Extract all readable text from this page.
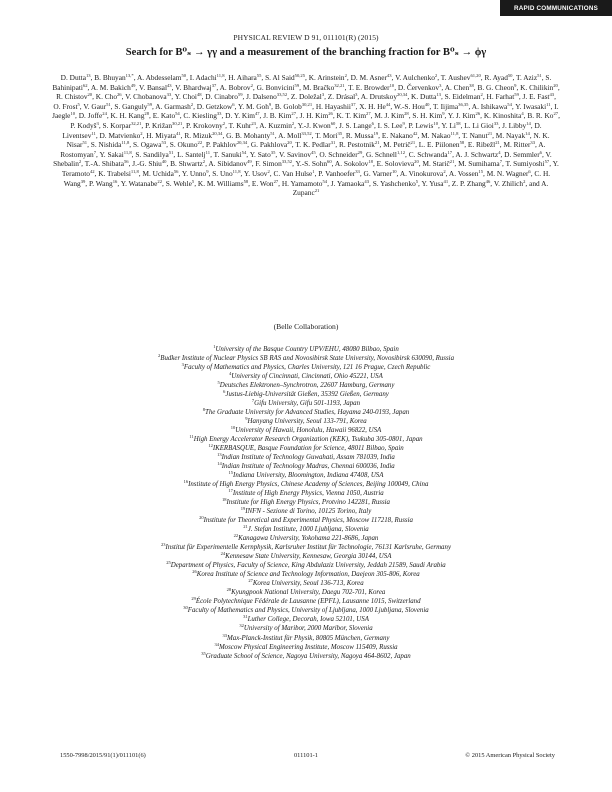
RAPID COMMUNICATIONS
PHYSICAL REVIEW D 91, 011101(R) (2015)
Search for B⁰ₛ → γγ and a measurement of the branching fraction for B⁰ₛ → ϕγ
D. Dutta$^{13}$, B. Bhuyan$^{13,*}$, A. Abdesselam$^{50}$, I. Adachi$^{11,8}$, H. Aihara$^{55}$, S. Al Said$^{50,25}$, K. Arinstein$^2$, D. M. Asner$^{43}$, V. Aulchenko$^2$, T. Aushev$^{61,20}$, R. Ayad$^{50}$, T. Aziz$^{51}$, S. Bahinipati$^{62}$, A. M. Bakich$^{49}$, V. Bansal$^{43}$, V. Bhardwaj$^{37}$, A. Bobrov$^2$, G. Bonvicini$^{59}$, M. Bračko$^{32,21}$, T. E. Browder$^{10}$, D. Červenkov$^3$, A. Chen$^{38}$, B. G. Cheon$^9$, K. Chilikin$^{20}$, R. Chistov$^{20}$, K. Cho$^{26}$, V. Chobanova$^{33}$, Y. Choi$^{48}$, D. Cinabro$^{59}$, J. Dalseno$^{33,52}$, Z. Doležal$^3$, Z. Drásal$^3$, A. Drutskoy$^{20,34}$, K. Dutta$^{13}$, S. Eidelman$^2$, H. Farhat$^{59}$, J. E. Fast$^{43}$, O. Frost$^5$, V. Gaur$^{51}$, S. Ganguly$^{59}$, A. Garmash$^2$, D. Getzkow$^6$, Y. M. Goh$^9$, B. Golob$^{30,21}$, H. Hayashii$^{37}$, X. H. He$^{44}$, W.-S. Hou$^{40}$, T. Iijima$^{36,35}$, A. Ishikawa$^{54}$, Y. Iwasaki$^{11}$, I. Jaegle$^{10}$, D. Joffe$^{24}$, K. H. Kang$^{28}$, E. Kato$^{54}$, C. Kiesling$^{33}$, D. Y. Kim$^{47}$, J. B. Kim$^{27}$, J. H. Kim$^{26}$, K. T. Kim$^{27}$, M. J. Kim$^{28}$, S. H. Kim$^9$, Y. J. Kim$^{26}$, K. Kinoshita$^4$, B. R. Ko$^{27}$, P. Kodyš$^3$, S. Korpar$^{32,21}$, P. Križan$^{30,21}$, P. Krokovny$^2$, T. Kuhr$^{23}$, A. Kuzmin$^2$, Y.-J. Kwon$^{60}$, J. S. Lange$^6$, I. S. Lee$^9$, P. Lewis$^{10}$, Y. Li$^{58}$, L. Li Gioi$^{33}$, J. Libby$^{14}$, D. Liventsev$^{11}$, D. Matvienko$^2$, H. Miyata$^{41}$, R. Mizuk$^{20,34}$, G. B. Mohanty$^{51}$, A. Moll$^{33,52}$, T. Mori$^{35}$, R. Mussa$^{19}$, E. Nakano$^{42}$, M. Nakao$^{11,8}$, T. Nanut$^{21}$, M. Nayak$^{14}$, N. K. Nisar$^{51}$, S. Nishida$^{11,8}$, S. Ogawa$^{53}$, S. Okuno$^{22}$, P. Pakhlov$^{20,34}$, G. Pakhlova$^{20}$, T. K. Pedlar$^{31}$, R. Pestotnik$^{21}$, M. Petrič$^{21}$, L. E. Piilonen$^{58}$, E. Ribežl$^{21}$, M. Ritter$^{33}$, A. Rostomyan$^7$, Y. Sakai$^{11,8}$, S. Sandilya$^{51}$, L. Santelj$^{11}$, T. Sanuki$^{54}$, Y. Sato$^{35}$, V. Savinov$^{45}$, O. Schneider$^{29}$, G. Schnell$^{1,12}$, C. Schwanda$^{17}$, A. J. Schwartz$^4$, D. Semmler$^6$, V. Shebalin$^2$, T.-A. Shibata$^{56}$, J.-G. Shiu$^{40}$, B. Shwartz$^2$, A. Sibidanov$^{49}$, F. Simon$^{33,52}$, Y.-S. Sohn$^{60}$, A. Sokolov$^{18}$, E. Solovieva$^{20}$, M. Starič$^{21}$, M. Sumihama$^7$, T. Sumiyoshi$^{57}$, Y. Teramoto$^{42}$, K. Trabelsi$^{11,8}$, M. Uchida$^{56}$, Y. Unno$^9$, S. Uno$^{11,8}$, Y. Usov$^2$, C. Van Hulse$^1$, P. Vanhoefer$^{33}$, G. Varner$^{10}$, A. Vinokurova$^2$, A. Vossen$^{15}$, M. N. Wagner$^6$, C. H. Wang$^{39}$, P. Wang$^{16}$, Y. Watanabe$^{22}$, S. Wehle$^5$, K. M. Williams$^{58}$, E. Won$^{27}$, H. Yamamoto$^{54}$, J. Yamaoka$^{43}$, S. Yashchenko$^5$, Y. Yusa$^{41}$, Z. P. Zhang$^{46}$, V. Zhilich$^2$, and A. Zupanc$^{21}$
(Belle Collaboration)
$^1$University of the Basque Country UPV/EHU, 48080 Bilbao, Spain
$^2$Budker Institute of Nuclear Physics SB RAS and Novosibirsk State University, Novosibirsk 630090, Russia
$^3$Faculty of Mathematics and Physics, Charles University, 121 16 Prague, Czech Republic
$^4$University of Cincinnati, Cincinnati, Ohio 45221, USA
$^5$Deutsches Elektronen–Synchrotron, 22607 Hamburg, Germany
$^6$Justus-Liebig-Universität Gießen, 35392 Gießen, Germany
$^7$Gifu University, Gifu 501-1193, Japan
$^8$The Graduate University for Advanced Studies, Hayama 240-0193, Japan
$^9$Hanyang University, Seoul 133-791, Korea
$^{10}$University of Hawaii, Honolulu, Hawaii 96822, USA
$^{11}$High Energy Accelerator Research Organization (KEK), Tsukuba 305-0801, Japan
$^{12}$IKERBASQUE, Basque Foundation for Science, 48011 Bilbao, Spain
$^{13}$Indian Institute of Technology Guwahati, Assam 781039, India
$^{14}$Indian Institute of Technology Madras, Chennai 600036, India
$^{15}$Indiana University, Bloomington, Indiana 47408, USA
$^{16}$Institute of High Energy Physics, Chinese Academy of Sciences, Beijing 100049, China
$^{17}$Institute of High Energy Physics, Vienna 1050, Austria
$^{18}$Institute for High Energy Physics, Protvino 142281, Russia
$^{19}$INFN - Sezione di Torino, 10125 Torino, Italy
$^{20}$Institute for Theoretical and Experimental Physics, Moscow 117218, Russia
$^{21}$J. Stefan Institute, 1000 Ljubljana, Slovenia
$^{22}$Kanagawa University, Yokohama 221-8686, Japan
$^{23}$Institut für Experimentelle Kernphysik, Karlsruher Institut für Technologie, 76131 Karlsruhe, Germany
$^{24}$Kennesaw State University, Kennesaw, Georgia 30144, USA
$^{25}$Department of Physics, Faculty of Science, King Abdulaziz University, Jeddah 21589, Saudi Arabia
$^{26}$Korea Institute of Science and Technology Information, Daejeon 305-806, Korea
$^{27}$Korea University, Seoul 136-713, Korea
$^{28}$Kyungpook National University, Daegu 702-701, Korea
$^{29}$École Polytechnique Fédérale de Lausanne (EPFL), Lausanne 1015, Switzerland
$^{30}$Faculty of Mathematics and Physics, University of Ljubljana, 1000 Ljubljana, Slovenia
$^{31}$Luther College, Decorah, Iowa 52101, USA
$^{32}$University of Maribor, 2000 Maribor, Slovenia
$^{33}$Max-Planck-Institut für Physik, 80805 München, Germany
$^{34}$Moscow Physical Engineering Institute, Moscow 115409, Russia
$^{35}$Graduate School of Science, Nagoya University, Nagoya 464-8602, Japan
1550-7998/2015/91(1)/011101(6)	011101-1	© 2015 American Physical Society
